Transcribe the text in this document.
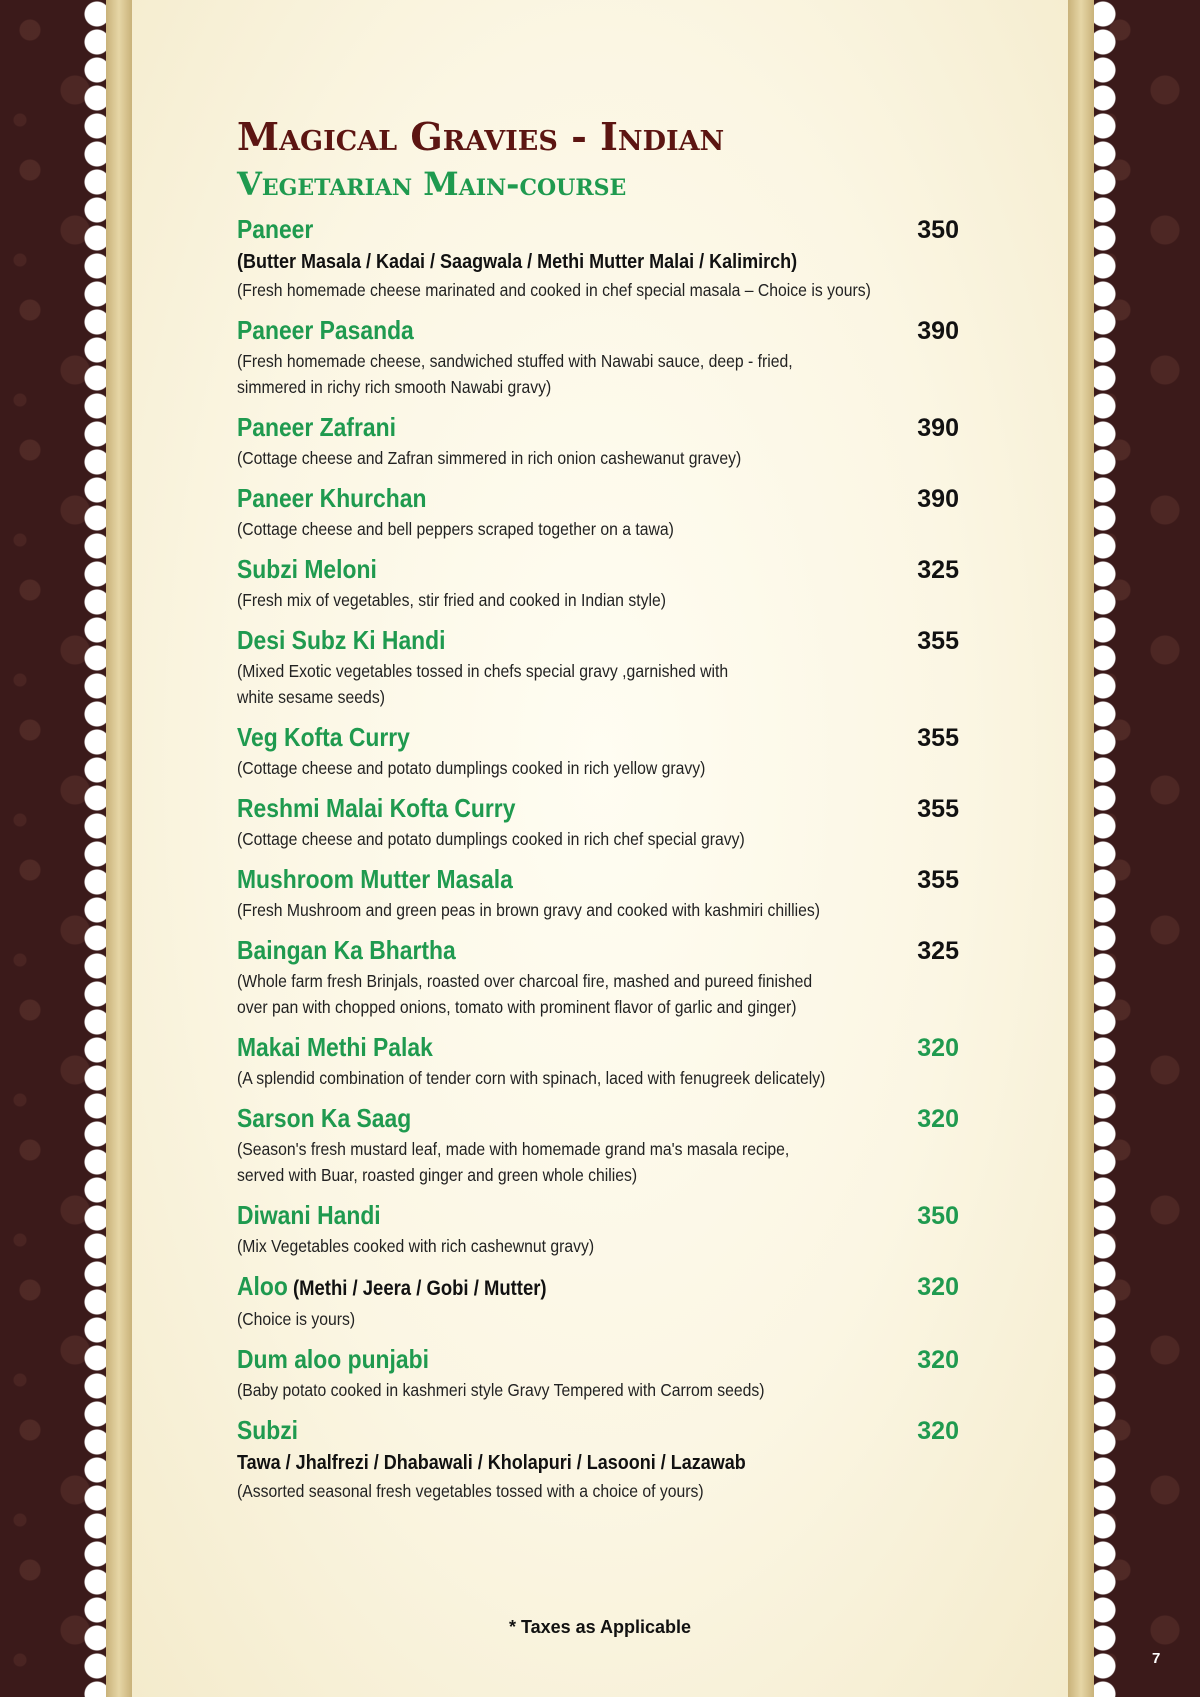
Magical Gravies - Indian
Vegetarian Main-course
Paneer	350
(Butter Masala / Kadai / Saagwala / Methi Mutter Malai / Kalimirch)
(Fresh homemade cheese marinated and cooked in chef special masala – Choice is yours)
Paneer Pasanda	390
(Fresh homemade cheese, sandwiched stuffed with Nawabi sauce, deep - fried,
simmered in richy rich smooth Nawabi gravy)
Paneer Zafrani	390
(Cottage cheese and Zafran simmered in rich onion cashewanut gravey)
Paneer Khurchan	390
(Cottage cheese and bell peppers scraped together on a tawa)
Subzi Meloni	325
(Fresh mix of vegetables, stir fried and cooked in Indian style)
Desi Subz Ki Handi	355
(Mixed Exotic vegetables tossed in chefs special gravy ,garnished with
white sesame seeds)
Veg Kofta Curry	355
(Cottage cheese and potato dumplings cooked in rich yellow gravy)
Reshmi Malai Kofta Curry	355
(Cottage cheese and potato dumplings cooked in rich chef special gravy)
Mushroom Mutter Masala	355
(Fresh Mushroom and green peas in brown gravy and cooked with kashmiri chillies)
Baingan Ka Bhartha	325
(Whole farm fresh Brinjals, roasted over charcoal fire, mashed and pureed finished
over pan with chopped onions, tomato with prominent flavor of garlic and ginger)
Makai Methi Palak	320
(A splendid combination of tender corn with spinach, laced with fenugreek delicately)
Sarson Ka Saag	320
(Season's fresh mustard leaf, made with homemade grand ma's masala recipe,
served with Buar, roasted ginger and green whole chilies)
Diwani Handi	350
(Mix Vegetables cooked with rich cashewnut gravy)
Aloo (Methi / Jeera / Gobi / Mutter)	320
(Choice is yours)
Dum aloo punjabi	320
(Baby potato cooked in kashmeri style Gravy Tempered with Carrom seeds)
Subzi	320
Tawa / Jhalfrezi / Dhabawali / Kholapuri / Lasooni / Lazawab
(Assorted seasonal fresh vegetables tossed with a choice of yours)
* Taxes as Applicable
7
